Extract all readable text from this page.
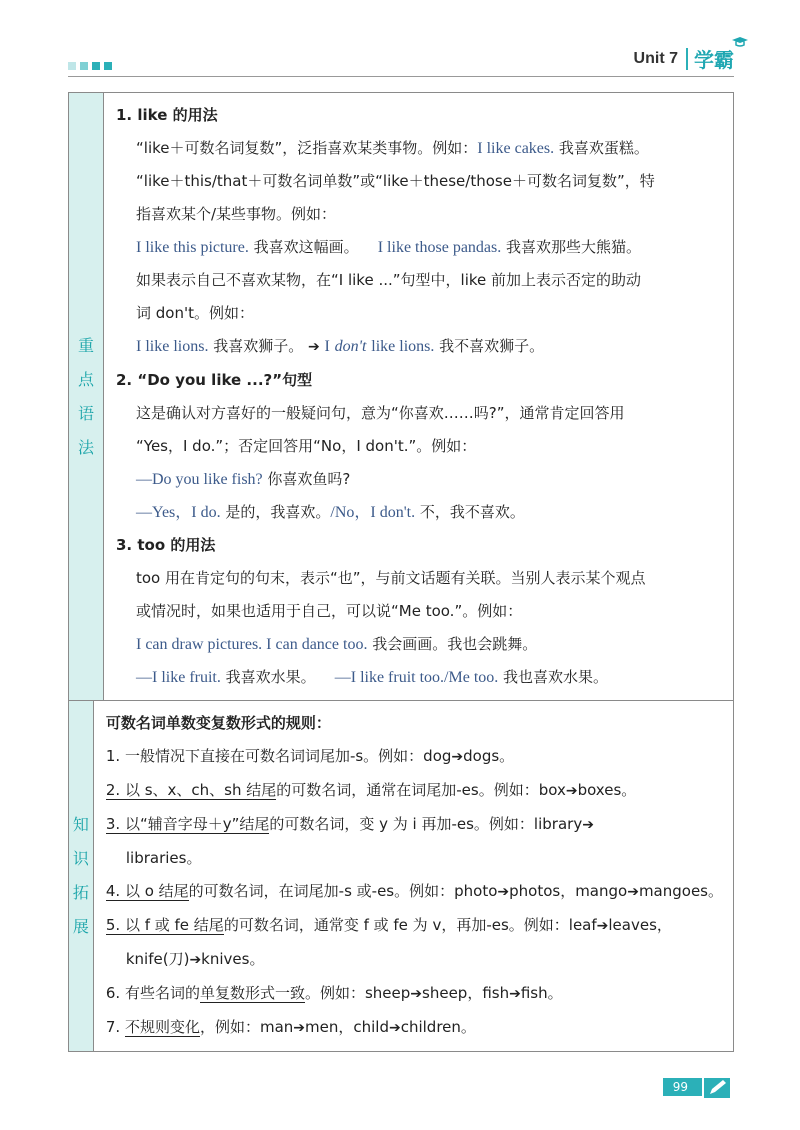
Unit 7 学霸
重
点
语
法
1. like 的用法
“like＋可数名词复数”，泛指喜欢某类事物。例如：I like cakes. 我喜欢蛋糕。
“like＋this/that＋可数名词单数”或“like＋these/those＋可数名词复数”，特
指喜欢某个/某些事物。例如：
I like this picture. 我喜欢这幅画。 I like those pandas. 我喜欢那些大熊猫。
如果表示自己不喜欢某物，在“I like ...”句型中，like 前加上表示否定的助动
词 don't。例如：
I like lions. 我喜欢狮子。 ➔ I don't like lions. 我不喜欢狮子。
2. “Do you like ...?”句型
这是确认对方喜好的一般疑问句，意为“你喜欢……吗?”，通常肯定回答用
“Yes，I do.”；否定回答用“No，I don't.”。例如：
—Do you like fish? 你喜欢鱼吗?
—Yes，I do. 是的，我喜欢。/No，I don't. 不，我不喜欢。
3. too 的用法
too 用在肯定句的句末，表示“也”，与前文话题有关联。当别人表示某个观点
或情况时，如果也适用于自己，可以说“Me too.”。例如：
I can draw pictures. I can dance too. 我会画画。我也会跳舞。
—I like fruit. 我喜欢水果。 —I like fruit too./Me too. 我也喜欢水果。
知
识
拓
展
可数名词单数变复数形式的规则：
1. 一般情况下直接在可数名词词尾加-s。例如：dog➔dogs。
2. 以 s、x、ch、sh 结尾的可数名词，通常在词尾加-es。例如：box➔boxes。
3. 以“辅音字母＋y”结尾的可数名词，变 y 为 i 再加-es。例如：library➔
libraries。
4. 以 o 结尾的可数名词，在词尾加-s 或-es。例如：photo➔photos，mango➔mangoes。
5. 以 f 或 fe 结尾的可数名词，通常变 f 或 fe 为 v，再加-es。例如：leaf➔leaves，
knife(刀)➔knives。
6. 有些名词的单复数形式一致。例如：sheep➔sheep，fish➔fish。
7. 不规则变化，例如：man➔men，child➔children。
99
